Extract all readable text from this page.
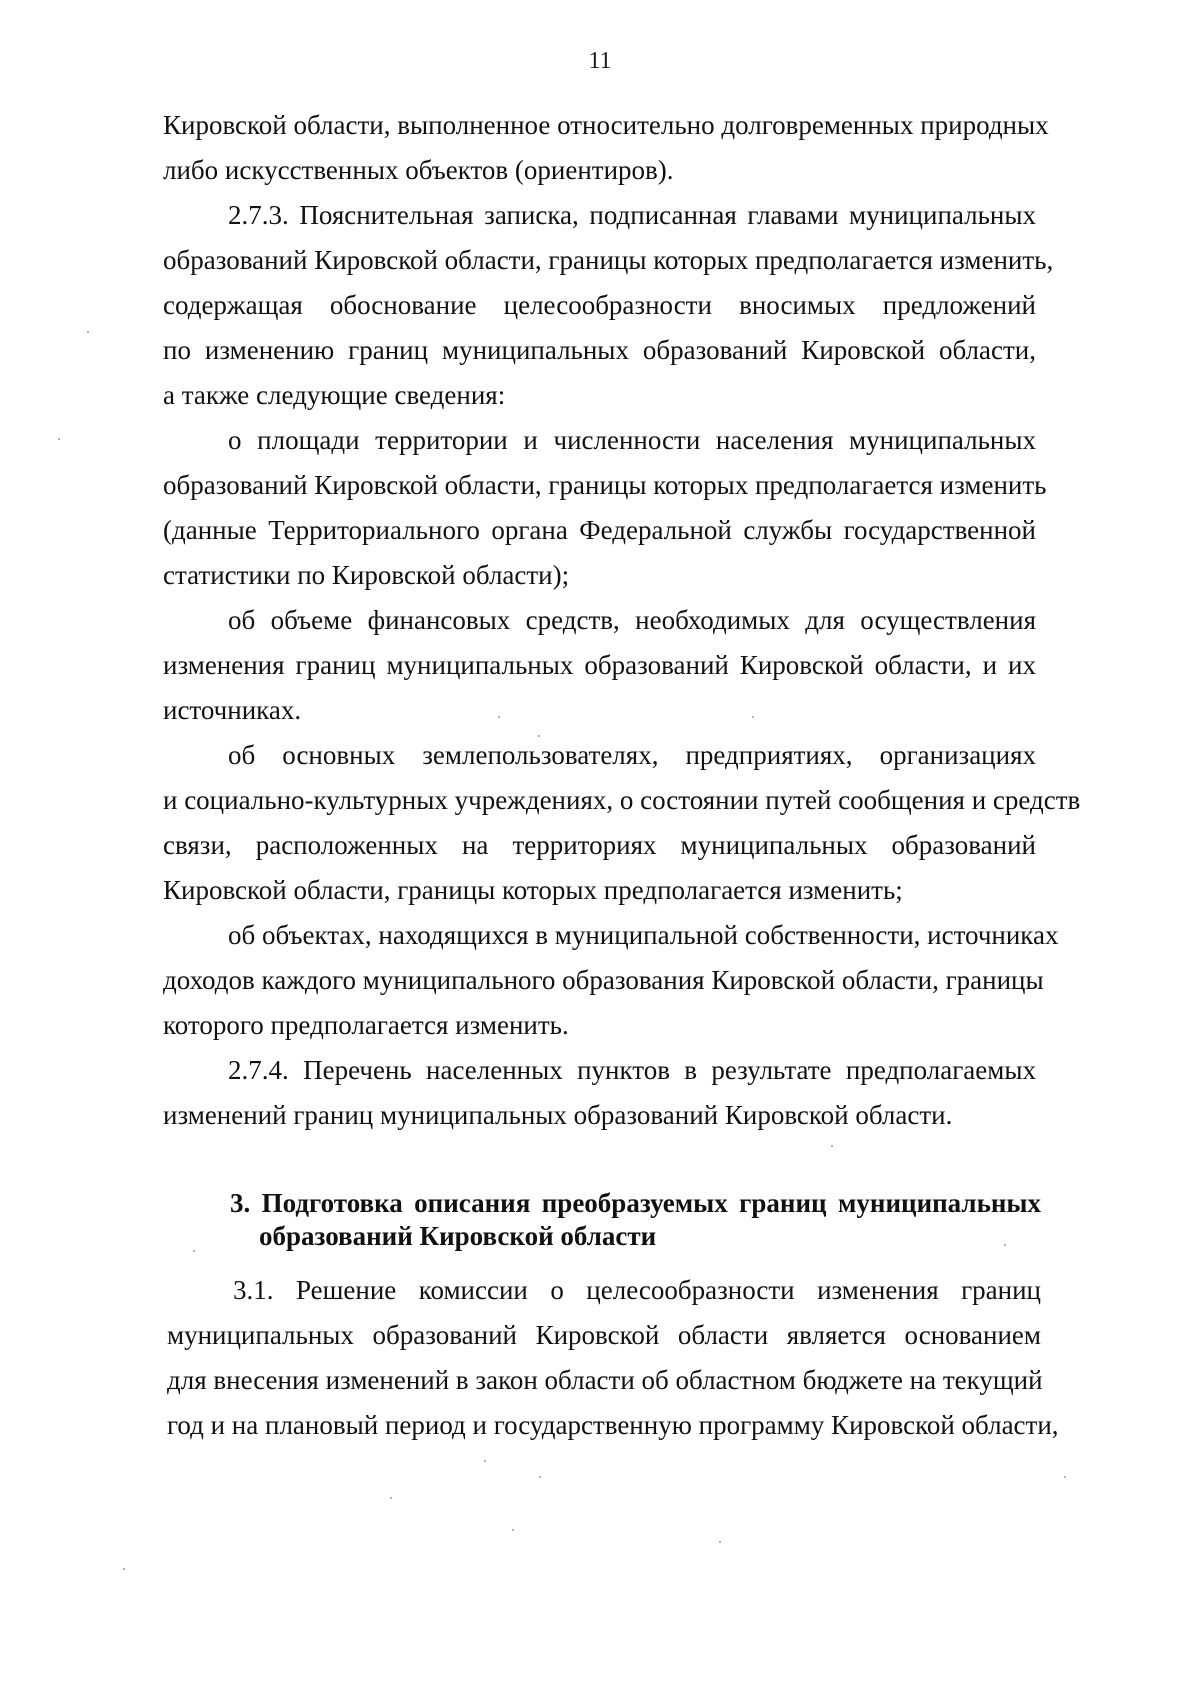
11
Кировской области, выполненное относительно долговременных природных
либо искусственных объектов (ориентиров).
2.7.3. Пояснительная записка, подписанная главами муниципальных
образований Кировской области, границы которых предполагается изменить,
содержащая обоснование целесообразности вносимых предложений
по изменению границ муниципальных образований Кировской области,
а также следующие сведения:
о площади территории и численности населения муниципальных
образований Кировской области, границы которых предполагается изменить
(данные Территориального органа Федеральной службы государственной
статистики по Кировской области);
об объеме финансовых средств, необходимых для осуществления
изменения границ муниципальных образований Кировской области, и их
источниках.
об основных землепользователях, предприятиях, организациях
и социально-культурных учреждениях, о состоянии путей сообщения и средств
связи, расположенных на территориях муниципальных образований
Кировской области, границы которых предполагается изменить;
об объектах, находящихся в муниципальной собственности, источниках
доходов каждого муниципального образования Кировской области, границы
которого предполагается изменить.
2.7.4. Перечень населенных пунктов в результате предполагаемых
изменений границ муниципальных образований Кировской области.
3. Подготовка описания преобразуемых границ муниципальных
образований Кировской области
3.1. Решение комиссии о целесообразности изменения границ
муниципальных образований Кировской области является основанием
для внесения изменений в закон области об областном бюджете на текущий
год и на плановый период и государственную программу Кировской области,
